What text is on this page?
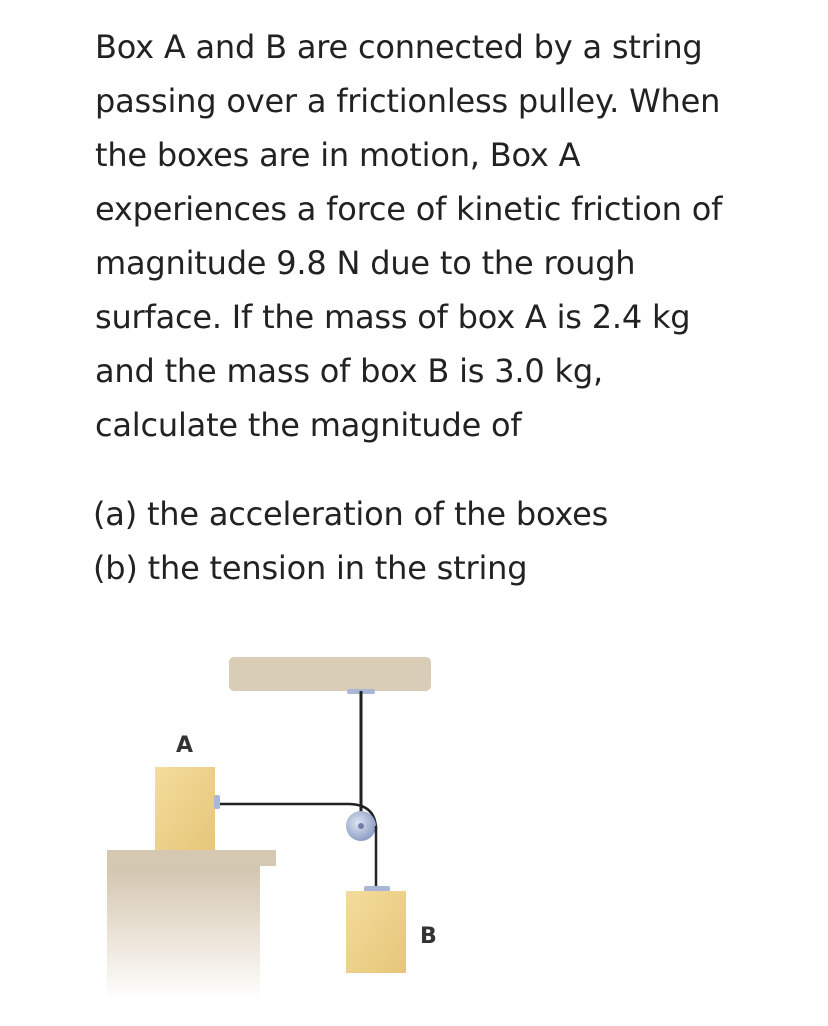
Box A and B are connected by a string
passing over a frictionless pulley. When
the boxes are in motion, Box A
experiences a force of kinetic friction of
magnitude 9.8 N due to the rough
surface. If the mass of box A is 2.4 kg
and the mass of box B is 3.0 kg,
calculate the magnitude of

(a) the acceleration of the boxes
(b) the tension in the string
A
B
